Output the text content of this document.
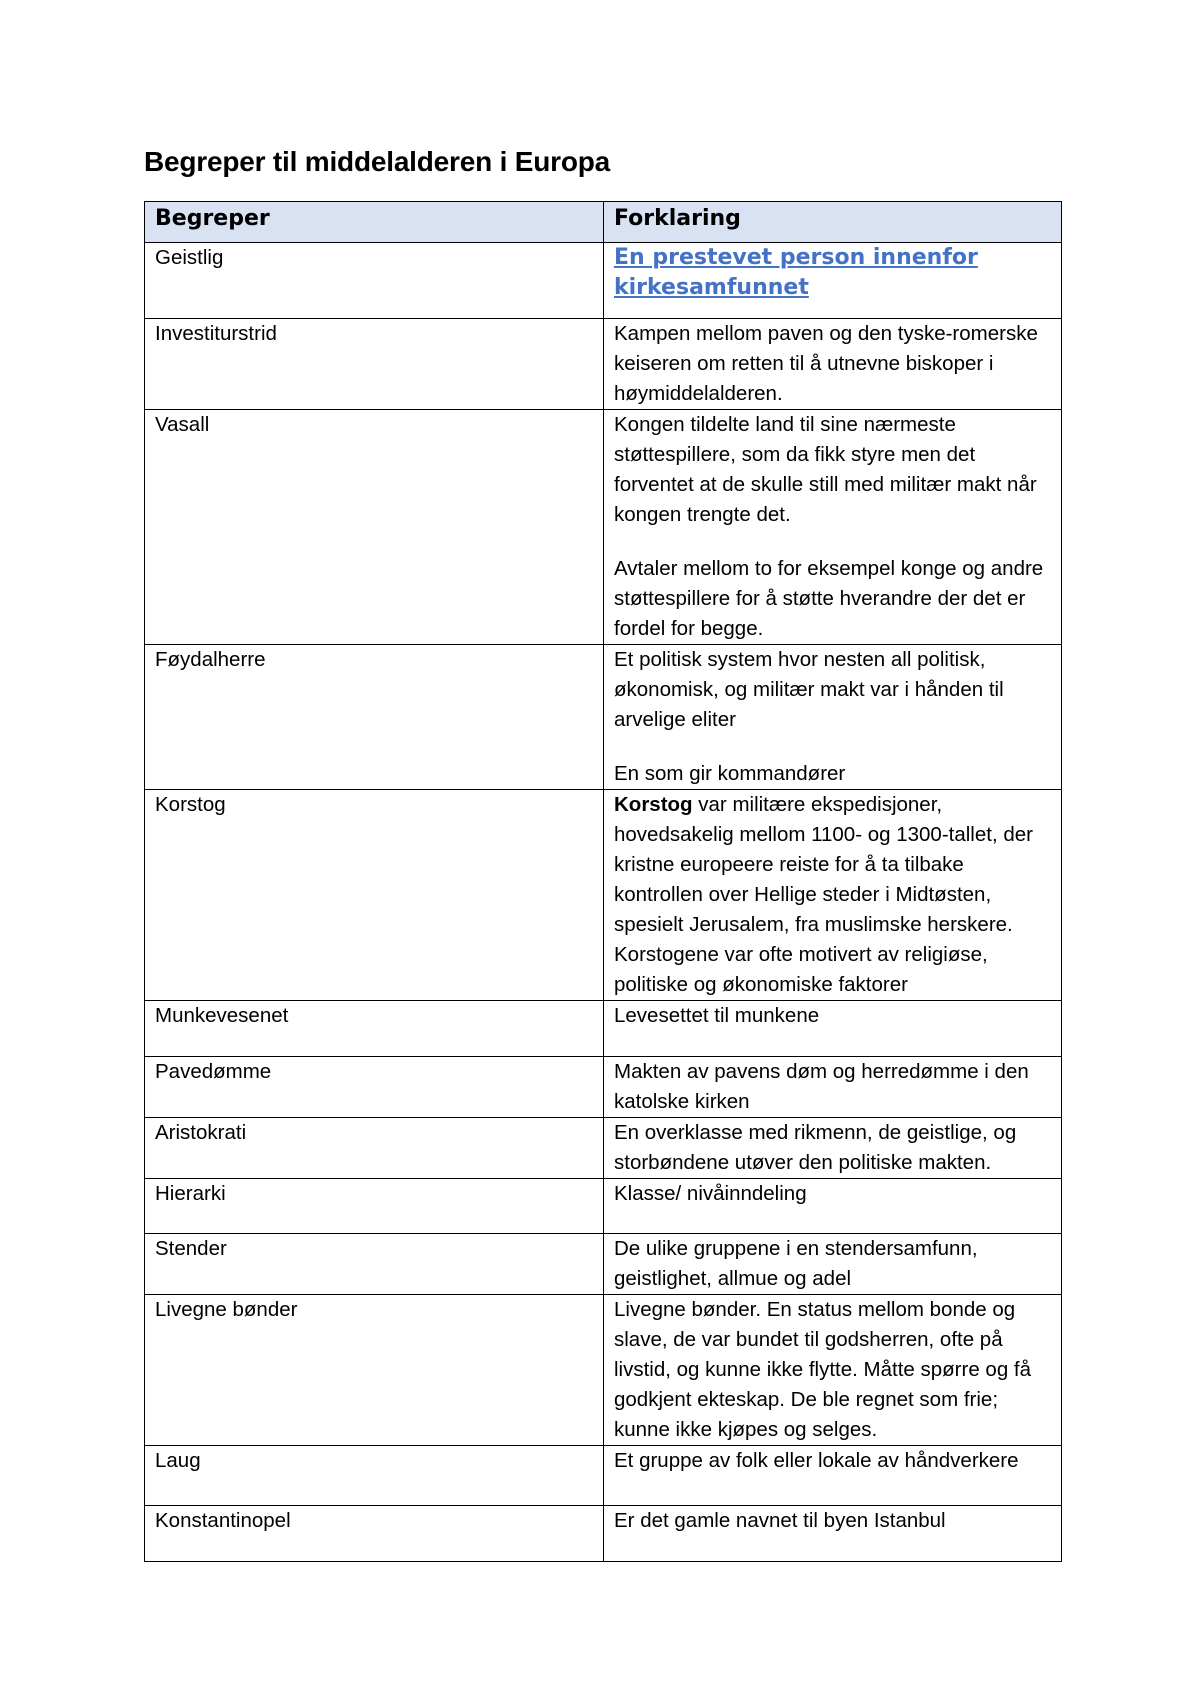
Begreper til middelalderen i Europa
Begreper	Forklaring
Geistlig	En prestevet person innenfor kirkesamfunnet
Investiturstrid	Kampen mellom paven og den tyske-romerske keiseren om retten til å utnevne biskoper i høymiddelalderen.
Vasall	Kongen tildelte land til sine nærmeste støttespillere, som da fikk styre men det forventet at de skulle still med militær makt når kongen trengte det.

Avtaler mellom to for eksempel konge og andre støttespillere for å støtte hverandre der det er fordel for begge.

Føydalherre	Et politisk system hvor nesten all politisk, økonomisk, og militær makt var i hånden til arvelige eliter

En som gir kommandører

Korstog	Korstog var militære ekspedisjoner, hovedsakelig mellom 1100- og 1300-tallet, der kristne europeere reiste for å ta tilbake kontrollen over Hellige steder i Midtøsten, spesielt Jerusalem, fra muslimske herskere. Korstogene var ofte motivert av religiøse, politiske og økonomiske faktorer
Munkevesenet	Levesettet til munkene
Pavedømme	Makten av pavens døm og herredømme i den katolske kirken
Aristokrati	En overklasse med rikmenn, de geistlige, og storbøndene utøver den politiske makten.
Hierarki	Klasse/ nivåinndeling
Stender	De ulike gruppene i en stendersamfunn, geistlighet, allmue og adel
Livegne bønder	Livegne bønder. En status mellom bonde og slave, de var bundet til godsherren, ofte på livstid, og kunne ikke flytte. Måtte spørre og få godkjent ekteskap. De ble regnet som frie; kunne ikke kjøpes og selges.
Laug	Et gruppe av folk eller lokale av håndverkere
Konstantinopel	Er det gamle navnet til byen Istanbul
